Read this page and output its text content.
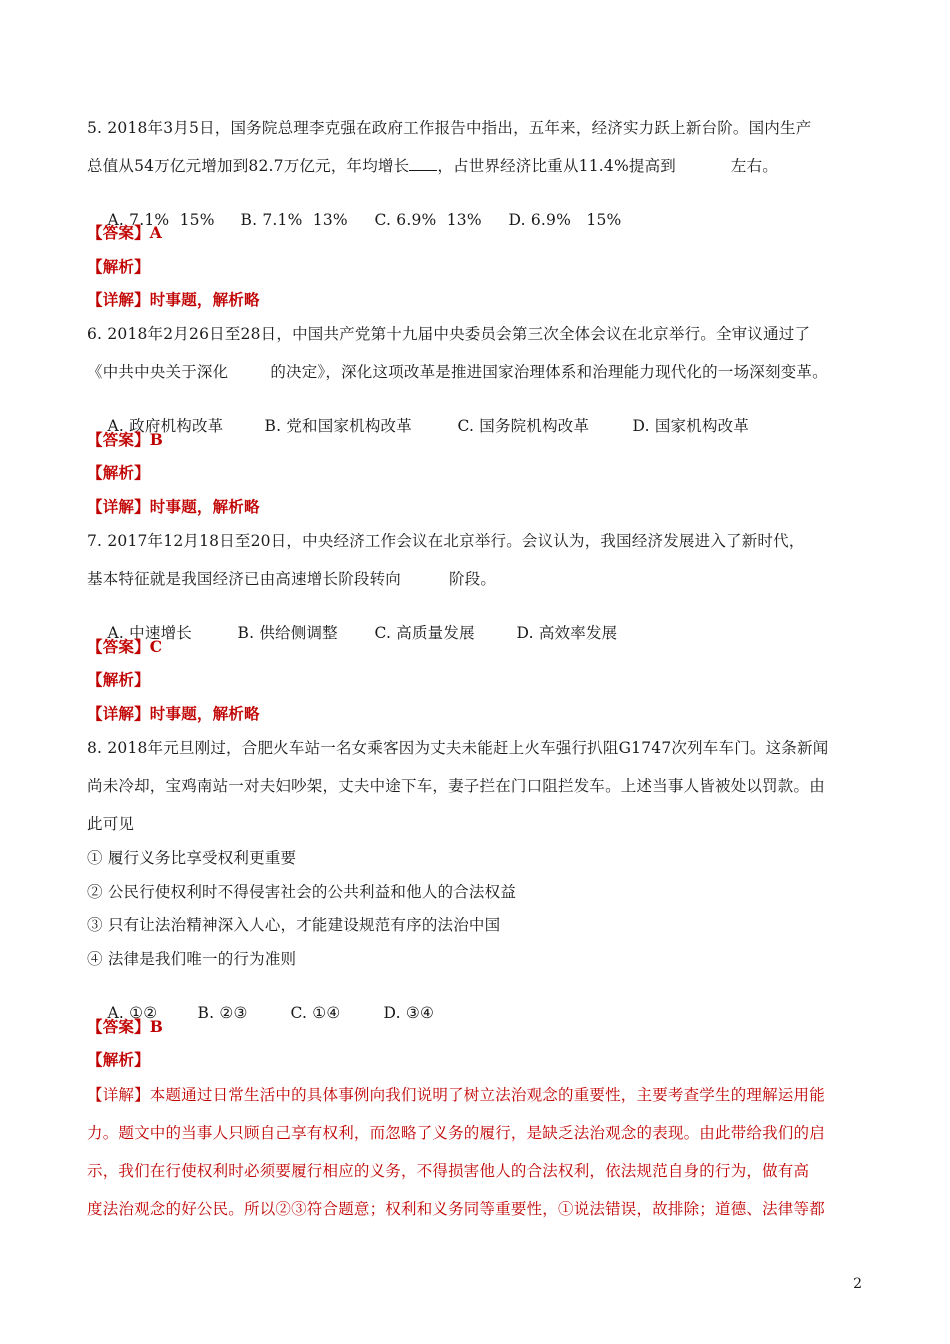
5. 2018年3月5日，国务院总理李克强在政府工作报告中指出，五年来，经济实力跃上新台阶。国内生产
总值从54万亿元增加到82.7万亿元，年均增长 ，占世界经济比重从11.4%提高到	左右。

A. 7.1%  15% B. 7.1%  13% C. 6.9%  13% D. 6.9%   15%

【答案】A
【解析】
【详解】时事题，解析略
6. 2018年2月26日至28日，中国共产党第十九届中央委员会第三次全体会议在北京举行。全审议通过了
《中共中央关于深化	的决定》，深化这项改革是推进国家治理体系和治理能力现代化的一场深刻变革。

A. 政府机构改革	B. 党和国家机构改革	C. 国务院机构改革	D. 国家机构改革

【答案】B
【解析】
【详解】时事题，解析略
7. 2017年12月18日至20日，中央经济工作会议在北京举行。会议认为，我国经济发展进入了新时代，
基本特征就是我国经济已由高速增长阶段转向	阶段。

A. 中速增长	B. 供给侧调整 C. 高质量发展	D. 高效率发展

【答案】C
【解析】
【详解】时事题，解析略
8. 2018年元旦刚过，合肥火车站一名女乘客因为丈夫未能赶上火车强行扒阻G1747次列车车门。这条新闻
尚未冷却，宝鸡南站一对夫妇吵架，丈夫中途下车，妻子拦在门口阻拦发车。上述当事人皆被处以罚款。由
此可见
① 履行义务比享受权利更重要
② 公民行使权利时不得侵害社会的公共利益和他人的合法权益
③ 只有让法治精神深入人心，才能建设规范有序的法治中国
④ 法律是我们唯一的行为准则

A. ①②	B. ②③	C. ①④	D. ③④

【答案】B
【解析】
【详解】本题通过日常生活中的具体事例向我们说明了树立法治观念的重要性，主要考查学生的理解运用能
力。题文中的当事人只顾自己享有权利，而忽略了义务的履行，是缺乏法治观念的表现。由此带给我们的启
示，我们在行使权利时必须要履行相应的义务，不得损害他人的合法权利，依法规范自身的行为，做有高
度法治观念的好公民。所以②③符合题意；权利和义务同等重要性，①说法错误，故排除；道德、法律等都
2
